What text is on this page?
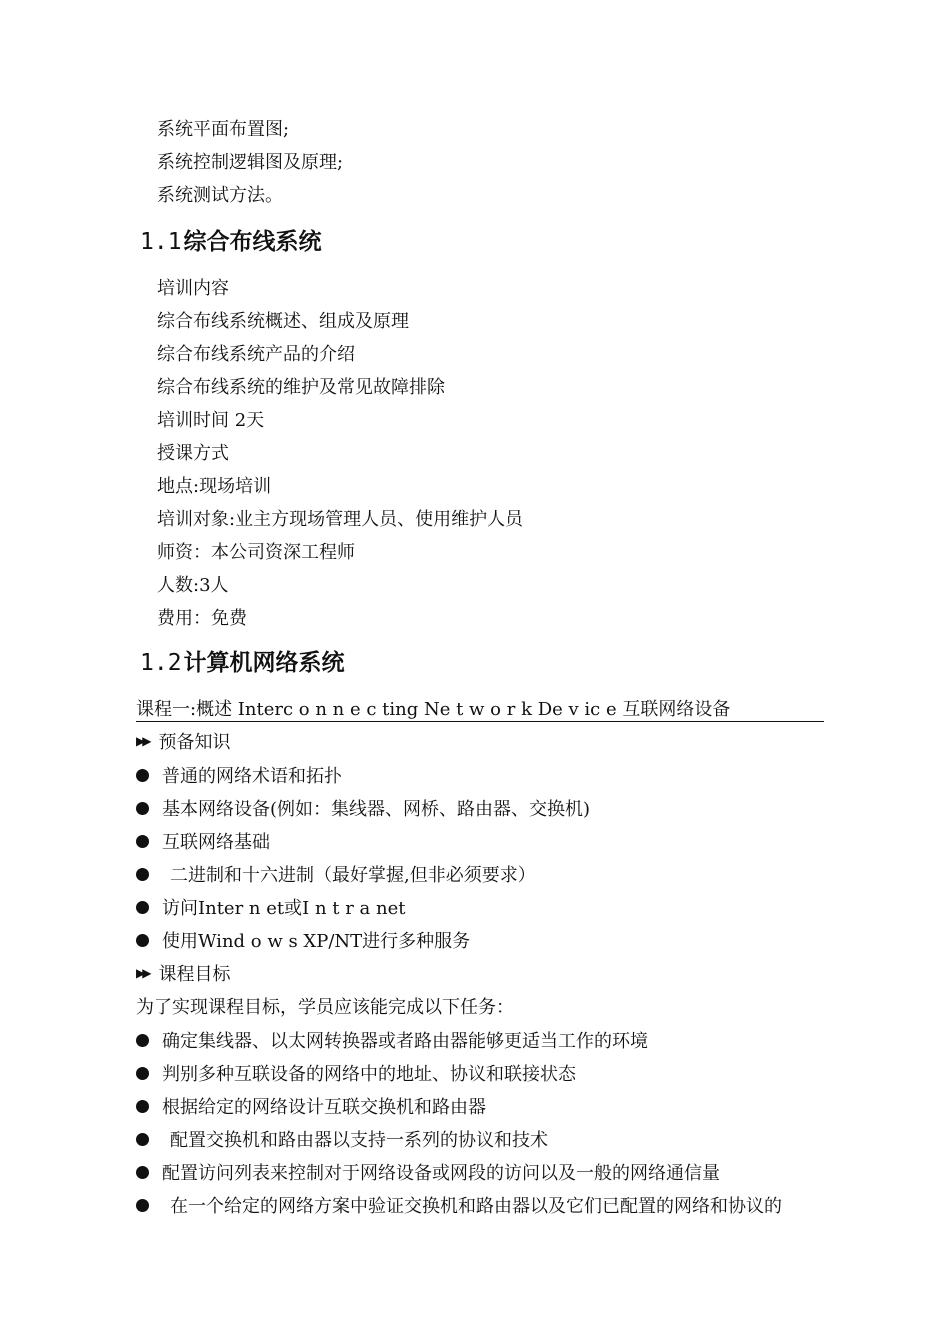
系统平面布置图;
系统控制逻辑图及原理;
系统测试方法。
1.1综合布线系统
培训内容
综合布线系统概述、组成及原理
综合布线系统产品的介绍
综合布线系统的维护及常见故障排除
培训时间 2天
授课方式
地点:现场培训
培训对象:业主方现场管理人员、使用维护人员
师资：本公司资深工程师
人数:3人
费用：免费
1.2计算机网络系统
课程一:概述 Interc o n n e c ting Ne t w o r k De v ic e 互联网络设备
▶▶ 预备知识
普通的网络术语和拓扑
基本网络设备(例如：集线器、网桥、路由器、交换机)
互联网络基础
二进制和十六进制（最好掌握,但非必须要求）
访问Inter n et或I n t r a net
使用Wind o w s XP/NT进行多种服务
▶▶ 课程目标
为了实现课程目标，学员应该能完成以下任务：
确定集线器、以太网转换器或者路由器能够更适当工作的环境
判别多种互联设备的网络中的地址、协议和联接状态
根据给定的网络设计互联交换机和路由器
配置交换机和路由器以支持一系列的协议和技术
配置访问列表来控制对于网络设备或网段的访问以及一般的网络通信量
在一个给定的网络方案中验证交换机和路由器以及它们已配置的网络和协议的
